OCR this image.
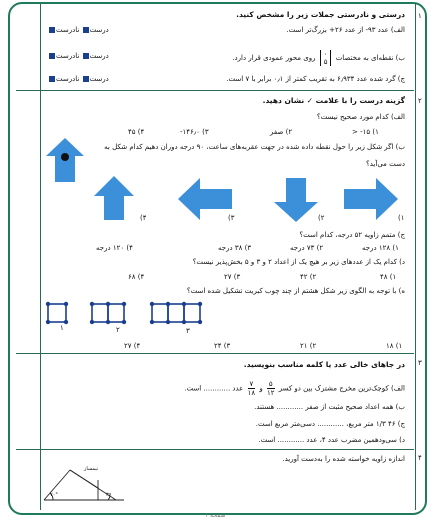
۱
۲
۳
۴
درستی و نادرستی جملات زیر را مشخص کنید.
الف) عدد ۹۳- از عدد ۲۶+ بزرگ‌تر است.
ب) نقطه‌ای به مختصات ۰
۵ روی محور عمودی قرار دارد.
ج) گرد شده عدد ۶٫۹۳۴ به تقریب کمتر از ۰٫۱ برابر با ۷ است.
درست نادرست
درست نادرست
درست نادرست
گزینه درست را با علامت ✓ نشان دهید.
الف) کدام مورد صحیح نیست؟
۱) ۱۵- <
۲) صفر
۳) ۱۴۶٫۰-
۴) ۴۵
ب) اگر شکل زیر را حول نقطه داده شده در جهت عقربه‌های ساعت، ۹۰ درجه دوران دهیم کدام شکل به
دست می‌آید؟
۱)
۲)
۳)
۴)
ج) متمم زاویه ۵۲ درجه، کدام است؟
۱) ۱۲۸ درجه
۲) ۷۳ درجه
۳) ۳۸ درجه
۴) ۱۲۰ درجه
د) کدام یک از عددهای زیر بر هیچ یک از اعداد ۲ و ۳ و ۵ بخش‌پذیر نیست؟
۱) ۴۸
۲) ۴۲
۳) ۲۷
۴) ۶۸
ه) با توجه به الگوی زیر شکل هشتم از چند چوب کبریت تشکیل شده است؟
۱	۲	۳
۱) ۱۸
۲) ۲۱
۳) ۲۴
۴) ۲۷
در جاهای خالی عدد یا کلمه مناسب بنویسید.
الف) کوچک‌ترین مخرج مشترک بین دو کسر ۵
۱۲ و ۷
۱۸ عدد ............ است.
ب) همه اعداد صحیح مثبت از صفر ............ هستند.
ج) ۴۶ ۱/۳ متر مربع، ............ دسی‌متر مربع است.
د) سی‌ودهمین مضرب عدد ۴، عدد ............ است.
اندازه زاویه خواسته شده را به‌دست آورید.
۷۰°	۳۰
نیمساز
صفحه ۱
